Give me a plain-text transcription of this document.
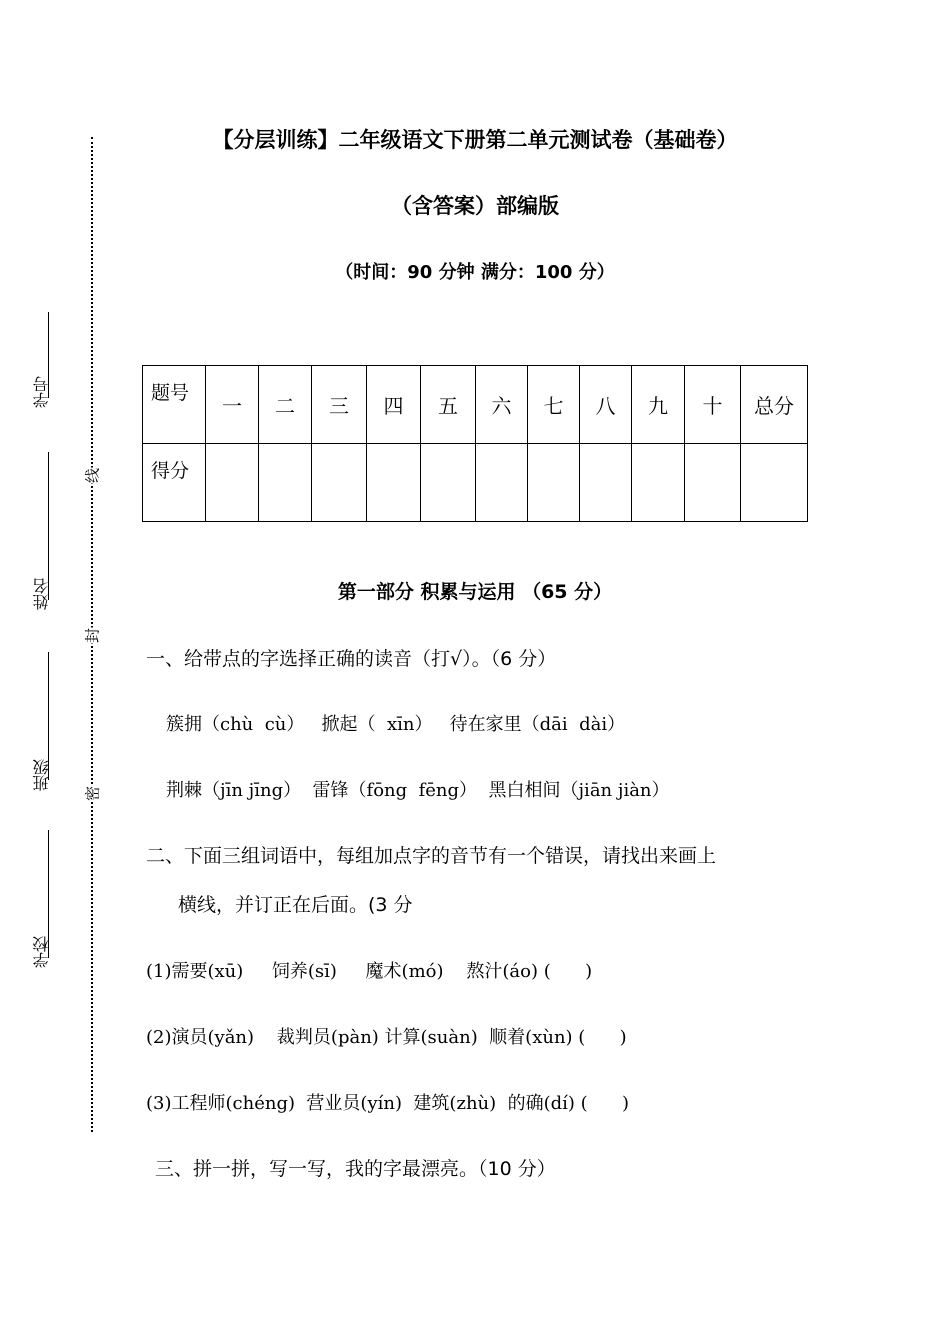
【分层训练】二年级语文下册第二单元测试卷（基础卷）
（含答案）部编版
（时间：90 分钟 满分：100 分）
学号
姓名
班级
学校
线
封
密
题号	一	二	三	四	五	六	七	八	九	十	总分
得分											
第一部分 积累与运用 （65 分）
一、给带点的字选择正确的读音（打√）。（6 分）
簇拥（chù  cù）   掀起（  xīn）   待在家里（dāi  dài）
荆棘（jīn jīng）  雷锋（fōng  fēng）  黑白相间（jiān jiàn）
二、下面三组词语中，每组加点字的音节有一个错误，请找出来画上
横线，并订正在后面。(3 分
(1)需要(xū)     饲养(sī)     魔术(mó)    熬汁(áo) (      )
(2)演员(yǎn)    裁判员(pàn) 计算(suàn)  顺着(xùn) (      )
(3)工程师(chéng)  营业员(yín)  建筑(zhù)  的确(dí) (      )
三、拼一拼，写一写，我的字最漂亮。（10 分）
